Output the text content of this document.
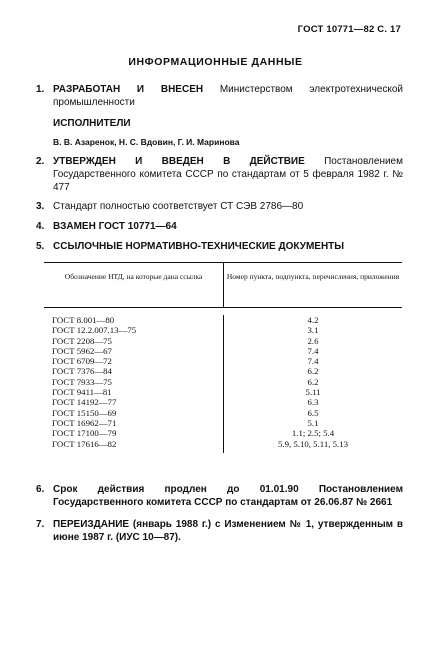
ГОСТ 10771—82 С. 17
ИНФОРМАЦИОННЫЕ ДАННЫЕ
1. РАЗРАБОТАН И ВНЕСЕН Министерством электротехнической промышленности
ИСПОЛНИТЕЛИ
В. В. Азаренок, Н. С. Вдовин, Г. И. Маринова
2. УТВЕРЖДЕН И ВВЕДЕН В ДЕЙСТВИЕ Постановлением Государственного комитета СССР по стандартам от 5 февраля 1982 г. № 477
3. Стандарт полностью соответствует СТ СЭВ 2786—80
4. ВЗАМЕН ГОСТ 10771—64
5. ССЫЛОЧНЫЕ НОРМАТИВНО-ТЕХНИЧЕСКИЕ ДОКУМЕНТЫ
Обозначение НТД, на которые дана ссылка	Номер пункта, подпункта, перечисления, приложения
ГОСТ 8.001—80
ГОСТ 12.2.007.13—75
ГОСТ 2208—75
ГОСТ 5962—67
ГОСТ 6709—72
ГОСТ 7376—84
ГОСТ 7933—75
ГОСТ 9411—81
ГОСТ 14192—77
ГОСТ 15150—69
ГОСТ 16962—71
ГОСТ 17100—79
ГОСТ 17616—82
4.2
3.1
2.6
7.4
7.4
6.2
6.2
5.11
6.3
6.5
5.1
1.1; 2.5; 5.4
5.9, 5.10, 5.11, 5.13
6. Срок действия продлен до 01.01.90 Постановлением Государственного комитета СССР по стандартам от 26.06.87 № 2661
7. ПЕРЕИЗДАНИЕ (январь 1988 г.) с Изменением № 1, утвержденным в июне 1987 г. (ИУС 10—87).
